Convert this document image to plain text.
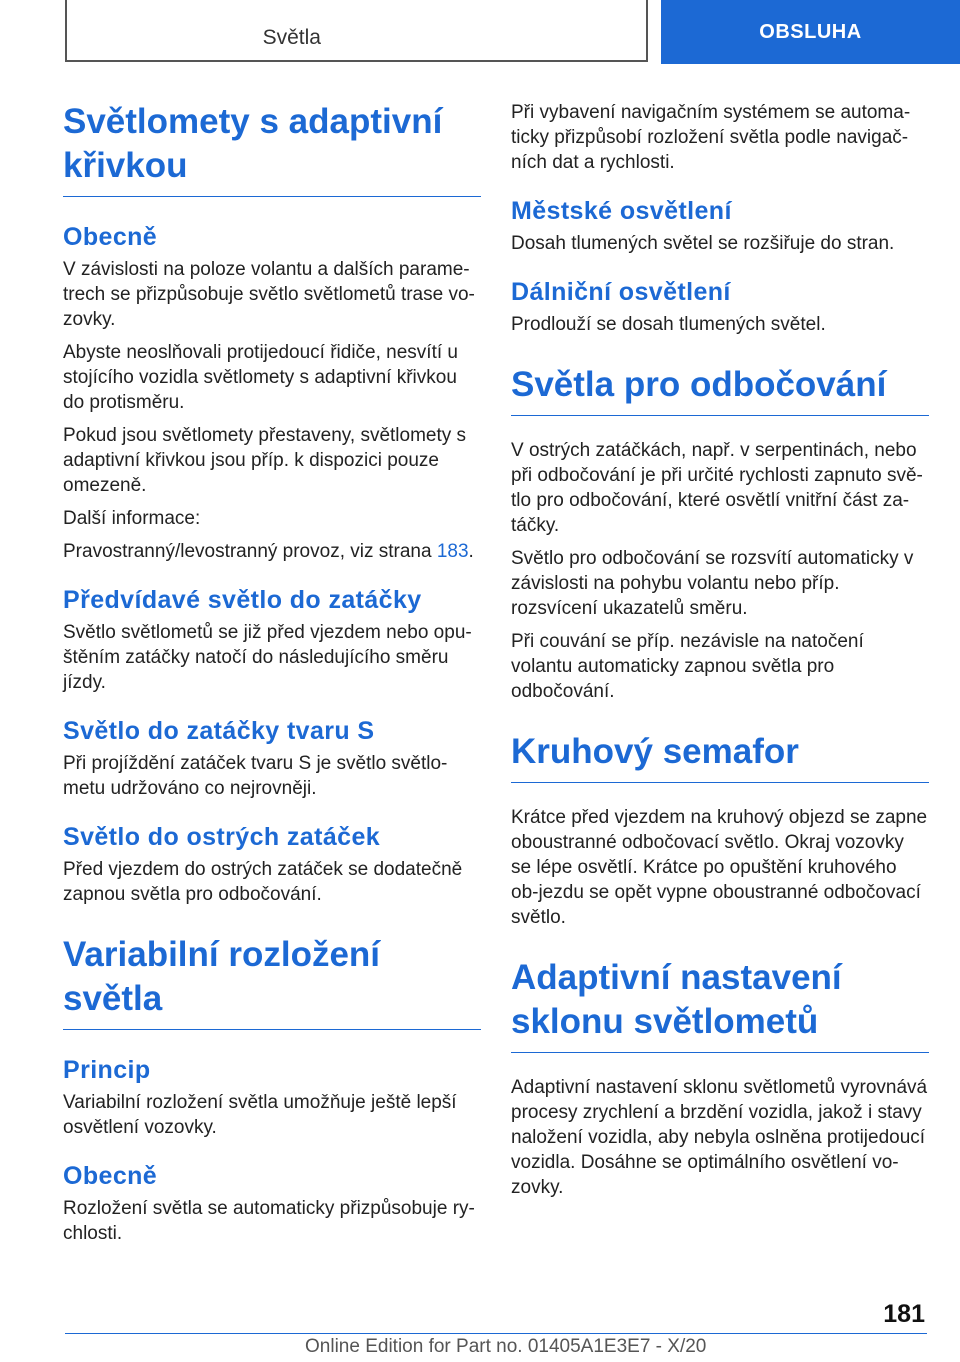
Světla	OBSLUHA
Světlomety s adaptivní křivkou
Obecně

V závislosti na poloze volantu a dalších parame‐trech se přizpůsobuje světlo světlometů trase vo‐zovky.

Abyste neoslňovali protijedoucí řidiče, nesvítí u stojícího vozidla světlomety s adaptivní křivkou do protisměru.

Pokud jsou světlomety přestaveny, světlomety s adaptivní křivkou jsou příp. k dispozici pouze omezeně.

Další informace:

Pravostranný/levostranný provoz, viz strana 183.

Předvídavé světlo do zatáčky

Světlo světlometů se již před vjezdem nebo opu‐štěním zatáčky natočí do následujícího směru jízdy.

Světlo do zatáčky tvaru S

Při projíždění zatáček tvaru S je světlo světlo‐metu udržováno co nejrovněji.

Světlo do ostrých zatáček

Před vjezdem do ostrých zatáček se dodatečně zapnou světla pro odbočování.

Variabilní rozložení světla
Princip

Variabilní rozložení světla umožňuje ještě lepší osvětlení vozovky.

Obecně

Rozložení světla se automaticky přizpůsobuje ry‐chlosti.

Při vybavení navigačním systémem se automa‐ticky přizpůsobí rozložení světla podle navigač‐ních dat a rychlosti.

Městské osvětlení

Dosah tlumených světel se rozšiřuje do stran.

Dálniční osvětlení

Prodlouží se dosah tlumených světel.

Světla pro odbočování

V ostrých zatáčkách, např. v serpentinách, nebo při odbočování je při určité rychlosti zapnuto svě‐tlo pro odbočování, které osvětlí vnitřní část za‐táčky.

Světlo pro odbočování se rozsvítí automaticky v závislosti na pohybu volantu nebo příp. rozsvícení ukazatelů směru.

Při couvání se příp. nezávisle na natočení volantu automaticky zapnou světla pro odbočování.

Kruhový semafor

Krátce před vjezdem na kruhový objezd se zapne oboustranné odbočovací světlo. Okraj vozovky se lépe osvětlí. Krátce po opuštění kruhového ob‐jezdu se opět vypne oboustranné odbočovací světlo.

Adaptivní nastavení sklonu světlometů

Adaptivní nastavení sklonu světlometů vyrovnává procesy zrychlení a brzdění vozidla, jakož i stavy naložení vozidla, aby nebyla oslněna protijedoucí vozidla. Dosáhne se optimálního osvětlení vo‐zovky.

181
Online Edition for Part no. 01405A1E3E7 - X/20
